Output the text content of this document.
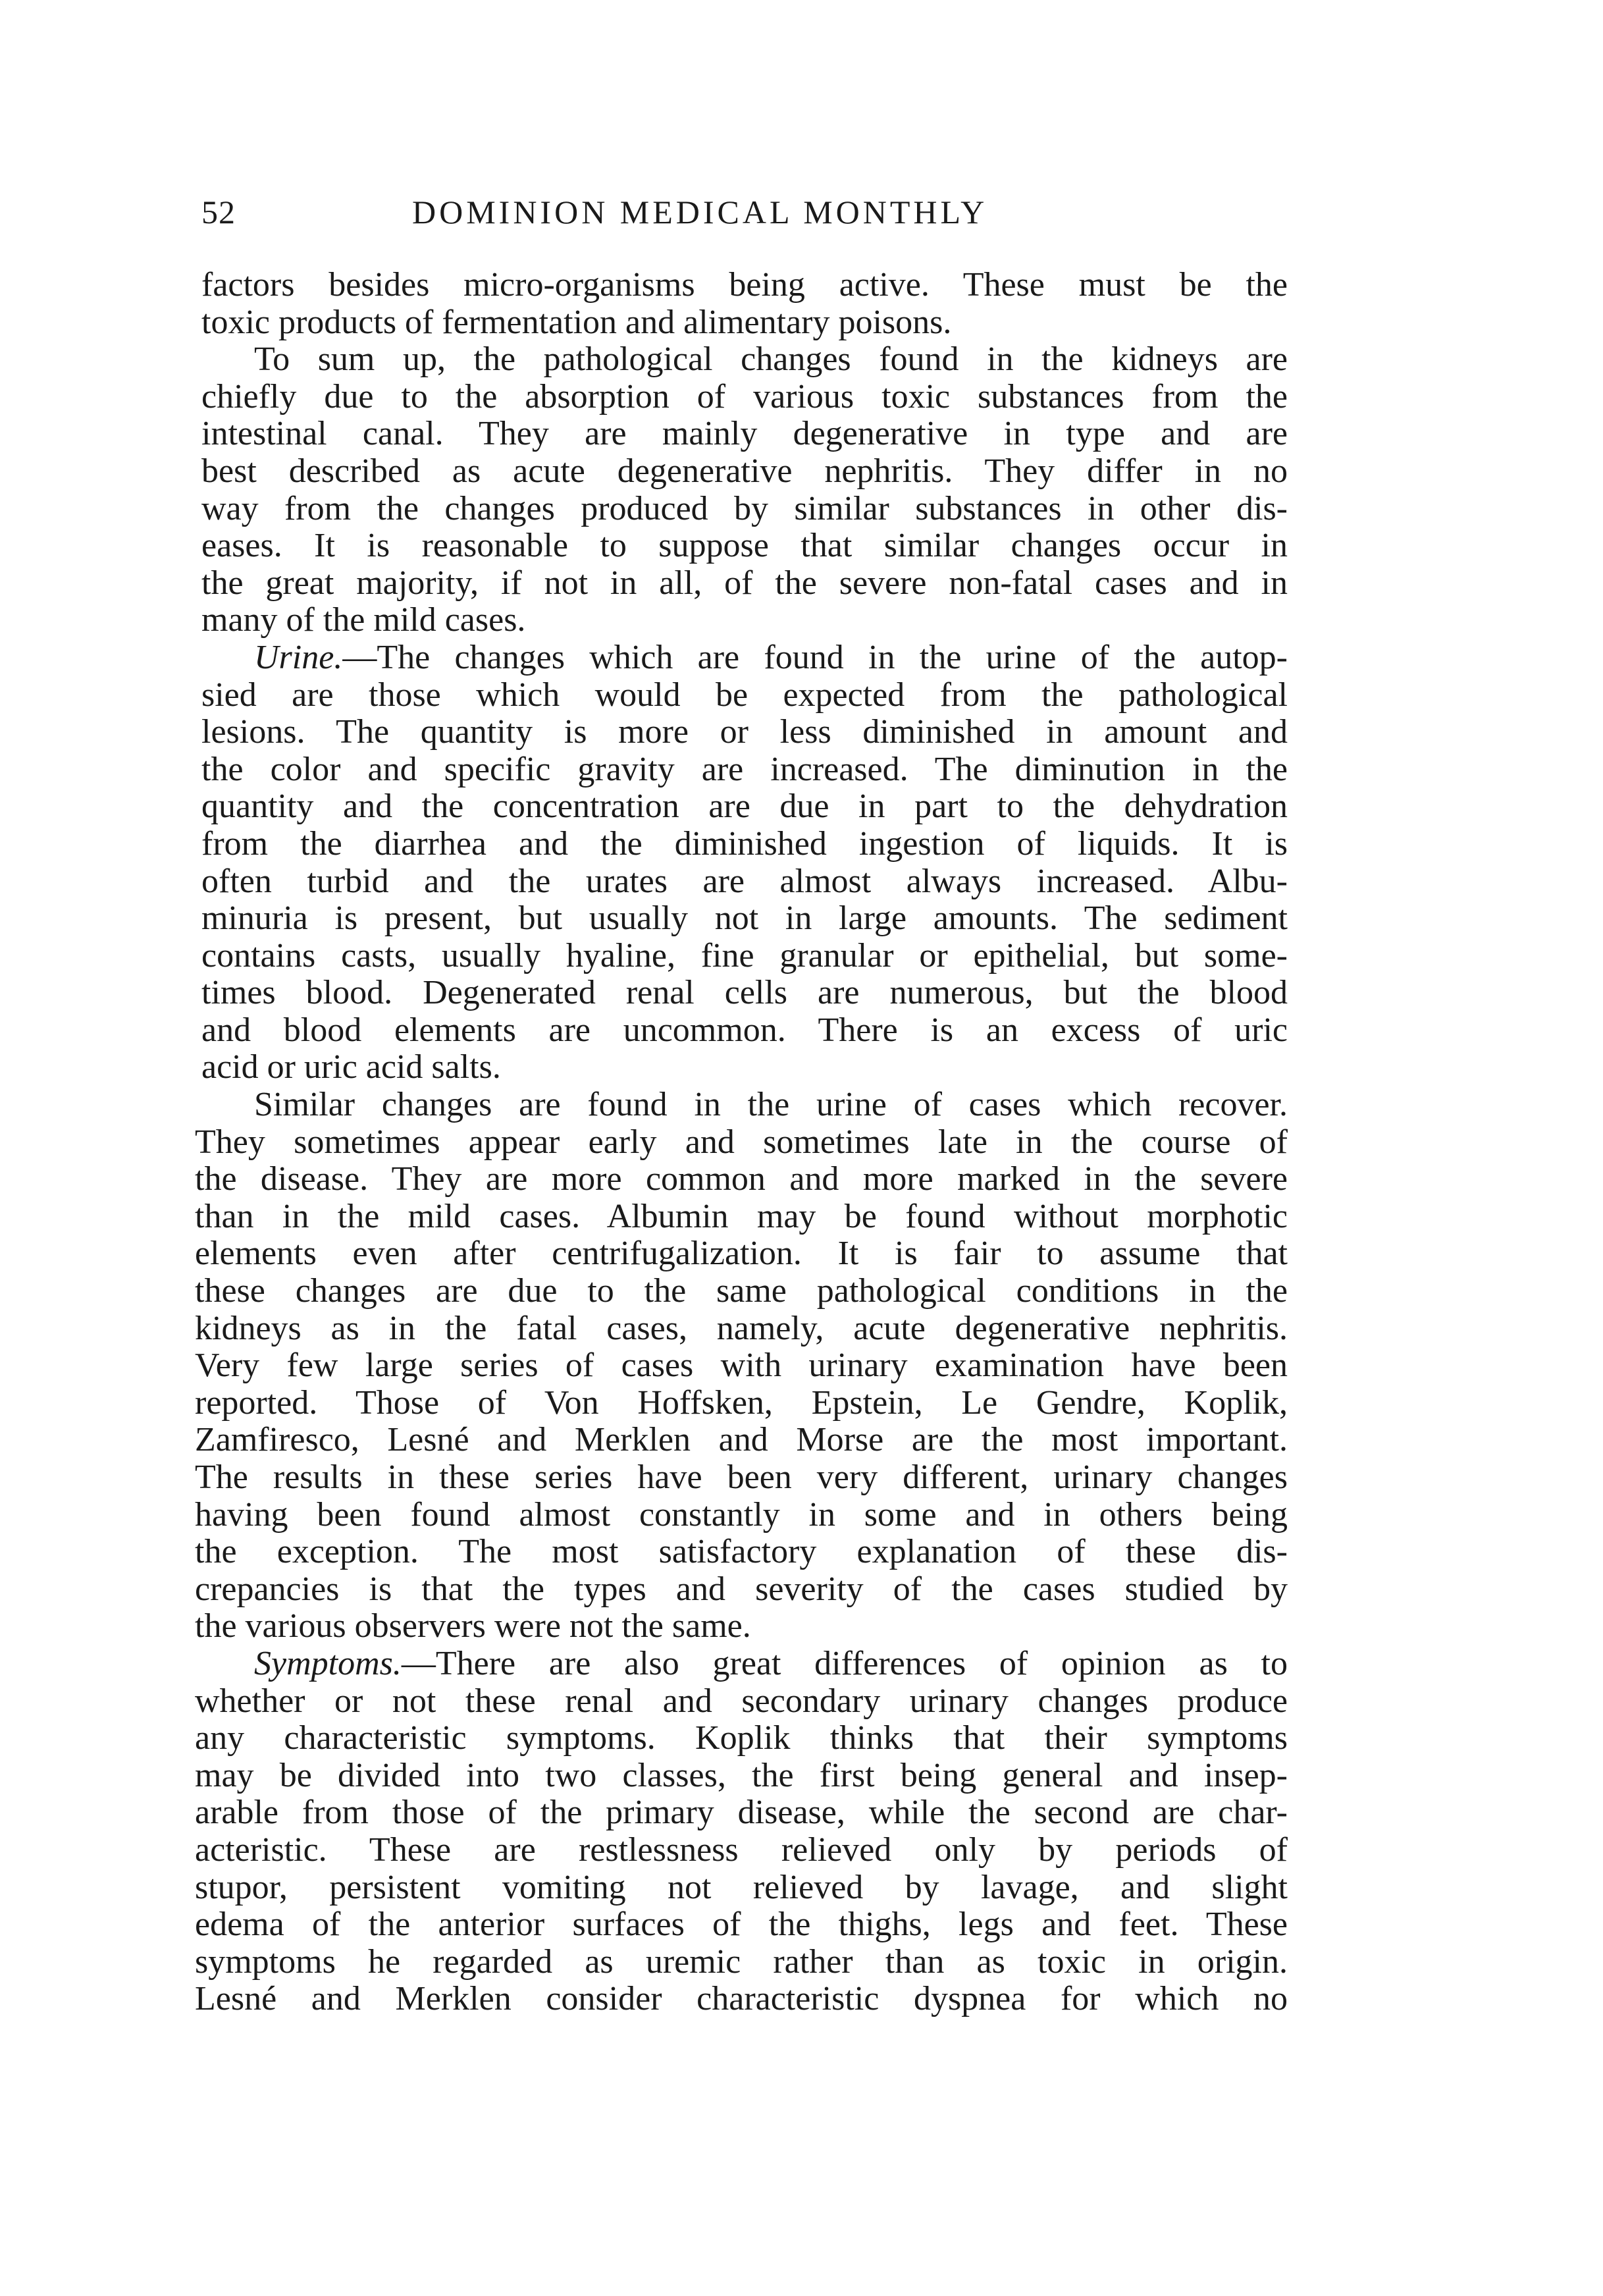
52	DOMINION MEDICAL MONTHLY
factors besides micro-organisms being active. These must be the
toxic products of fermentation and alimentary poisons.
To sum up, the pathological changes found in the kidneys are
chiefly due to the absorption of various toxic substances from the
intestinal canal. They are mainly degenerative in type and are
best described as acute degenerative nephritis. They differ in no
way from the changes produced by similar substances in other dis-
eases. It is reasonable to suppose that similar changes occur in
the great majority, if not in all, of the severe non-fatal cases and in
many of the mild cases.
Urine.—The changes which are found in the urine of the autop-
sied are those which would be expected from the pathological
lesions. The quantity is more or less diminished in amount and
the color and specific gravity are increased. The diminution in the
quantity and the concentration are due in part to the dehydration
from the diarrhea and the diminished ingestion of liquids. It is
often turbid and the urates are almost always increased. Albu-
minuria is present, but usually not in large amounts. The sediment
contains casts, usually hyaline, fine granular or epithelial, but some-
times blood. Degenerated renal cells are numerous, but the blood
and blood elements are uncommon. There is an excess of uric
acid or uric acid salts.
Similar changes are found in the urine of cases which recover.
They sometimes appear early and sometimes late in the course of
the disease. They are more common and more marked in the severe
than in the mild cases. Albumin may be found without morphotic
elements even after centrifugalization. It is fair to assume that
these changes are due to the same pathological conditions in the
kidneys as in the fatal cases, namely, acute degenerative nephritis.
Very few large series of cases with urinary examination have been
reported. Those of Von Hoffsken, Epstein, Le Gendre, Koplik,
Zamfiresco, Lesné and Merklen and Morse are the most important.
The results in these series have been very different, urinary changes
having been found almost constantly in some and in others being
the exception. The most satisfactory explanation of these dis-
crepancies is that the types and severity of the cases studied by
the various observers were not the same.
Symptoms.—There are also great differences of opinion as to
whether or not these renal and secondary urinary changes produce
any characteristic symptoms. Koplik thinks that their symptoms
may be divided into two classes, the first being general and insep-
arable from those of the primary disease, while the second are char-
acteristic. These are restlessness relieved only by periods of
stupor, persistent vomiting not relieved by lavage, and slight
edema of the anterior surfaces of the thighs, legs and feet. These
symptoms he regarded as uremic rather than as toxic in origin.
Lesné and Merklen consider characteristic dyspnea for which no
